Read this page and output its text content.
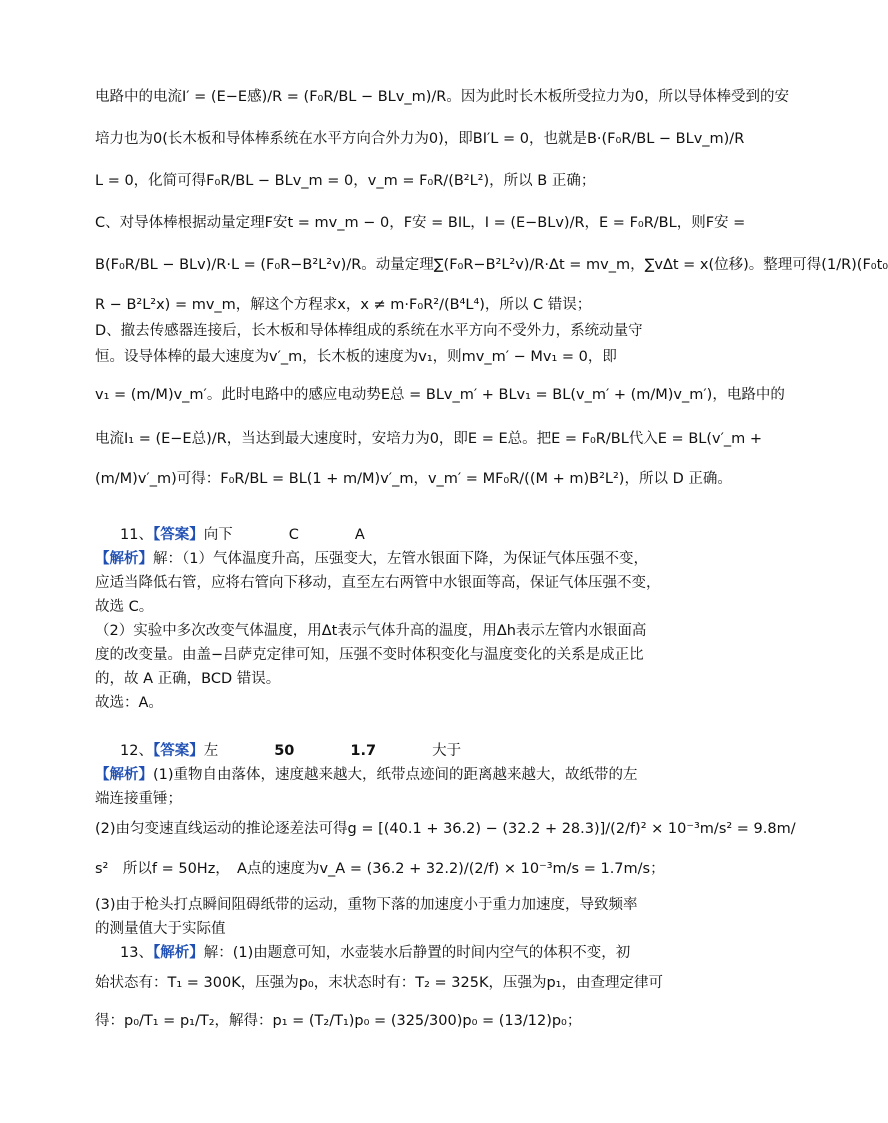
电路中的电流I′ = (E−E感)/R = (F₀R/BL − BLv_m)/R。因为此时长木板所受拉力为0，所以导体棒受到的安
培力也为0(长木板和导体棒系统在水平方向合外力为0)，即BI′L = 0，也就是B·(F₀R/BL − BLv_m)/R
L = 0，化简可得F₀R/BL − BLv_m = 0，v_m = F₀R/(B²L²)，所以 B 正确；
C、对导体棒根据动量定理F安t = mv_m − 0，F安 = BIL，I = (E−BLv)/R，E = F₀R/BL，则F安 =
B(F₀R/BL − BLv)/R·L = (F₀R−B²L²v)/R。动量定理∑(F₀R−B²L²v)/R·Δt = mv_m，∑vΔt = x(位移)。整理可得(1/R)(F₀t₀
R − B²L²x) = mv_m，解这个方程求x，x ≠ m·F₀R²/(B⁴L⁴)，所以 C 错误；
D、撤去传感器连接后，长木板和导体棒组成的系统在水平方向不受外力，系统动量守
恒。设导体棒的最大速度为v′_m，长木板的速度为v₁，则mv_m′ − Mv₁ = 0，即
v₁ = (m/M)v_m′。此时电路中的感应电动势E总 = BLv_m′ + BLv₁ = BL(v_m′ + (m/M)v_m′)，电路中的
电流I₁ = (E−E总)/R，当达到最大速度时，安培力为0，即E = E总。把E = F₀R/BL代入E = BL(v′_m +
(m/M)v′_m)可得：F₀R/BL = BL(1 + m/M)v′_m，v_m′ = MF₀R/((M + m)B²L²)，所以 D 正确。
11、【答案】向下	C	A
【解析】解：（1）气体温度升高，压强变大，左管水银面下降，为保证气体压强不变，
应适当降低右管，应将右管向下移动，直至左右两管中水银面等高，保证气体压强不变，
故选 C。
（2）实验中多次改变气体温度，用Δt表示气体升高的温度，用Δh表示左管内水银面高
度的改变量。由盖−吕萨克定律可知，压强不变时体积变化与温度变化的关系是成正比
的，故 A 正确，BCD 错误。
故选：A。
12、【答案】左	50	1.7	大于
【解析】(1)重物自由落体，速度越来越大，纸带点迹间的距离越来越大，故纸带的左
端连接重锤；
(2)由匀变速直线运动的推论逐差法可得g = [(40.1 + 36.2) − (32.2 + 28.3)]/(2/f)² × 10⁻³m/s² = 9.8m/
s²　所以f = 50Hz，　A点的速度为v_A = (36.2 + 32.2)/(2/f) × 10⁻³m/s = 1.7m/s；
(3)由于枪头打点瞬间阻碍纸带的运动，重物下落的加速度小于重力加速度，导致频率
的测量值大于实际值
13、【解析】解：(1)由题意可知，水壶装水后静置的时间内空气的体积不变，初
始状态有：T₁ = 300K，压强为p₀，末状态时有：T₂ = 325K，压强为p₁，由查理定律可
得：p₀/T₁ = p₁/T₂，解得：p₁ = (T₂/T₁)p₀ = (325/300)p₀ = (13/12)p₀；
